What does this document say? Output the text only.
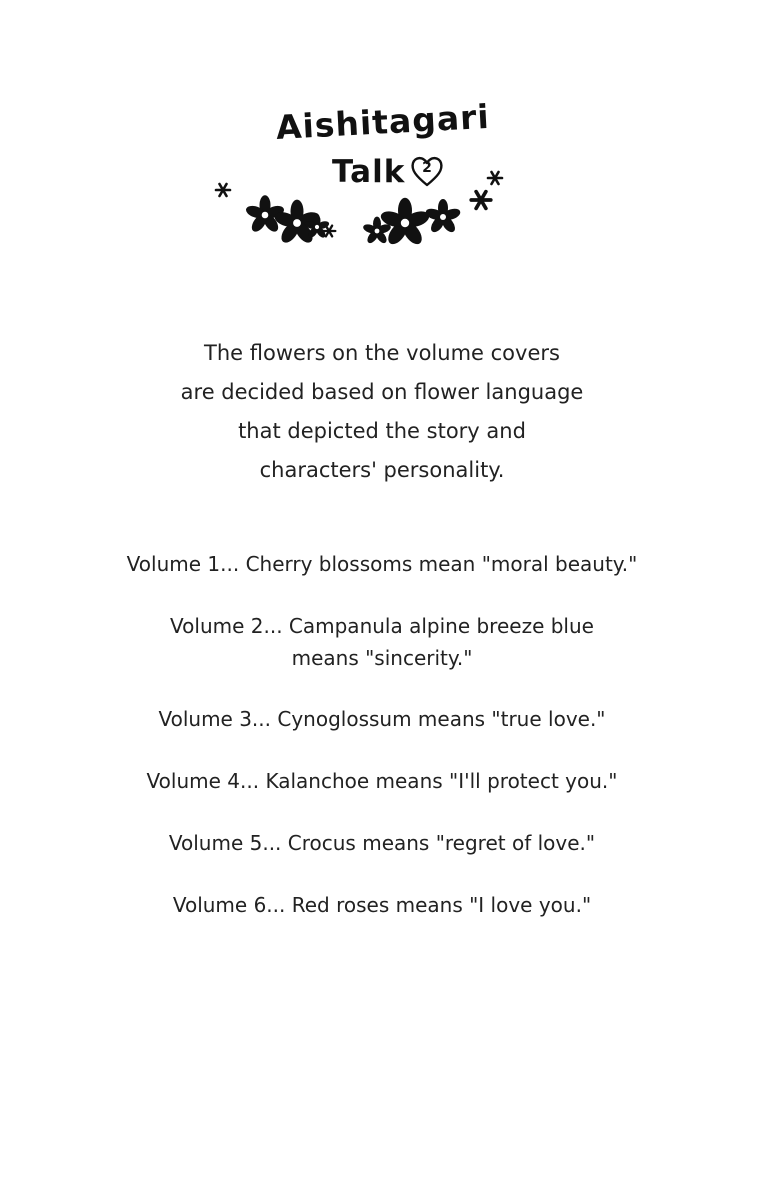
Aishitagari
Talk	2
The flowers on the volume covers
are decided based on flower language
that depicted the story and
characters' personality.
Volume 1... Cherry blossoms mean "moral beauty."
Volume 2... Campanula alpine breeze blue
means "sincerity."
Volume 3... Cynoglossum means "true love."
Volume 4... Kalanchoe means "I'll protect you."
Volume 5... Crocus means "regret of love."
Volume 6... Red roses means "I love you."
